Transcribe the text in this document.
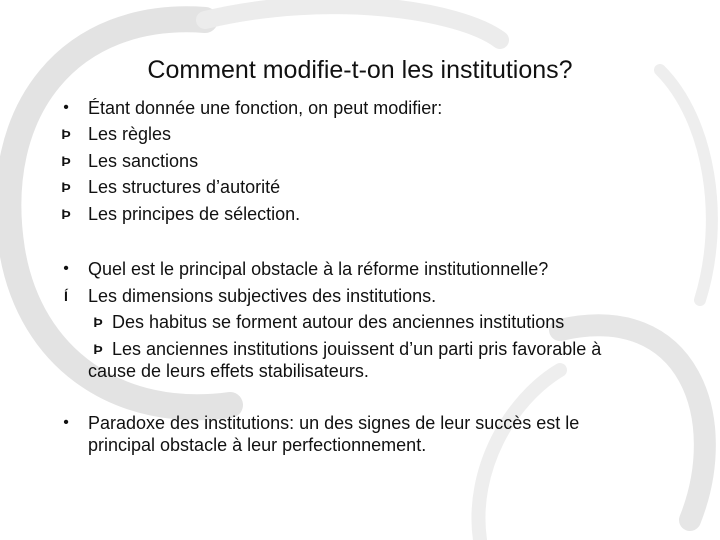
Comment modifie-t-on les institutions?
• Étant donnée une fonction, on peut modifier:
Þ Les règles
Þ Les sanctions
Þ Les structures d’autorité
Þ Les principes de sélection.
• Quel est le principal obstacle à la réforme institutionnelle?
Í	Les dimensions subjectives des institutions.
Þ Des habitus se forment autour des anciennes institutions
Þ Les anciennes institutions jouissent d’un parti pris favorable à
cause de leurs effets stabilisateurs.
• Paradoxe des institutions: un des signes de leur succès est le
principal obstacle à leur perfectionnement.
